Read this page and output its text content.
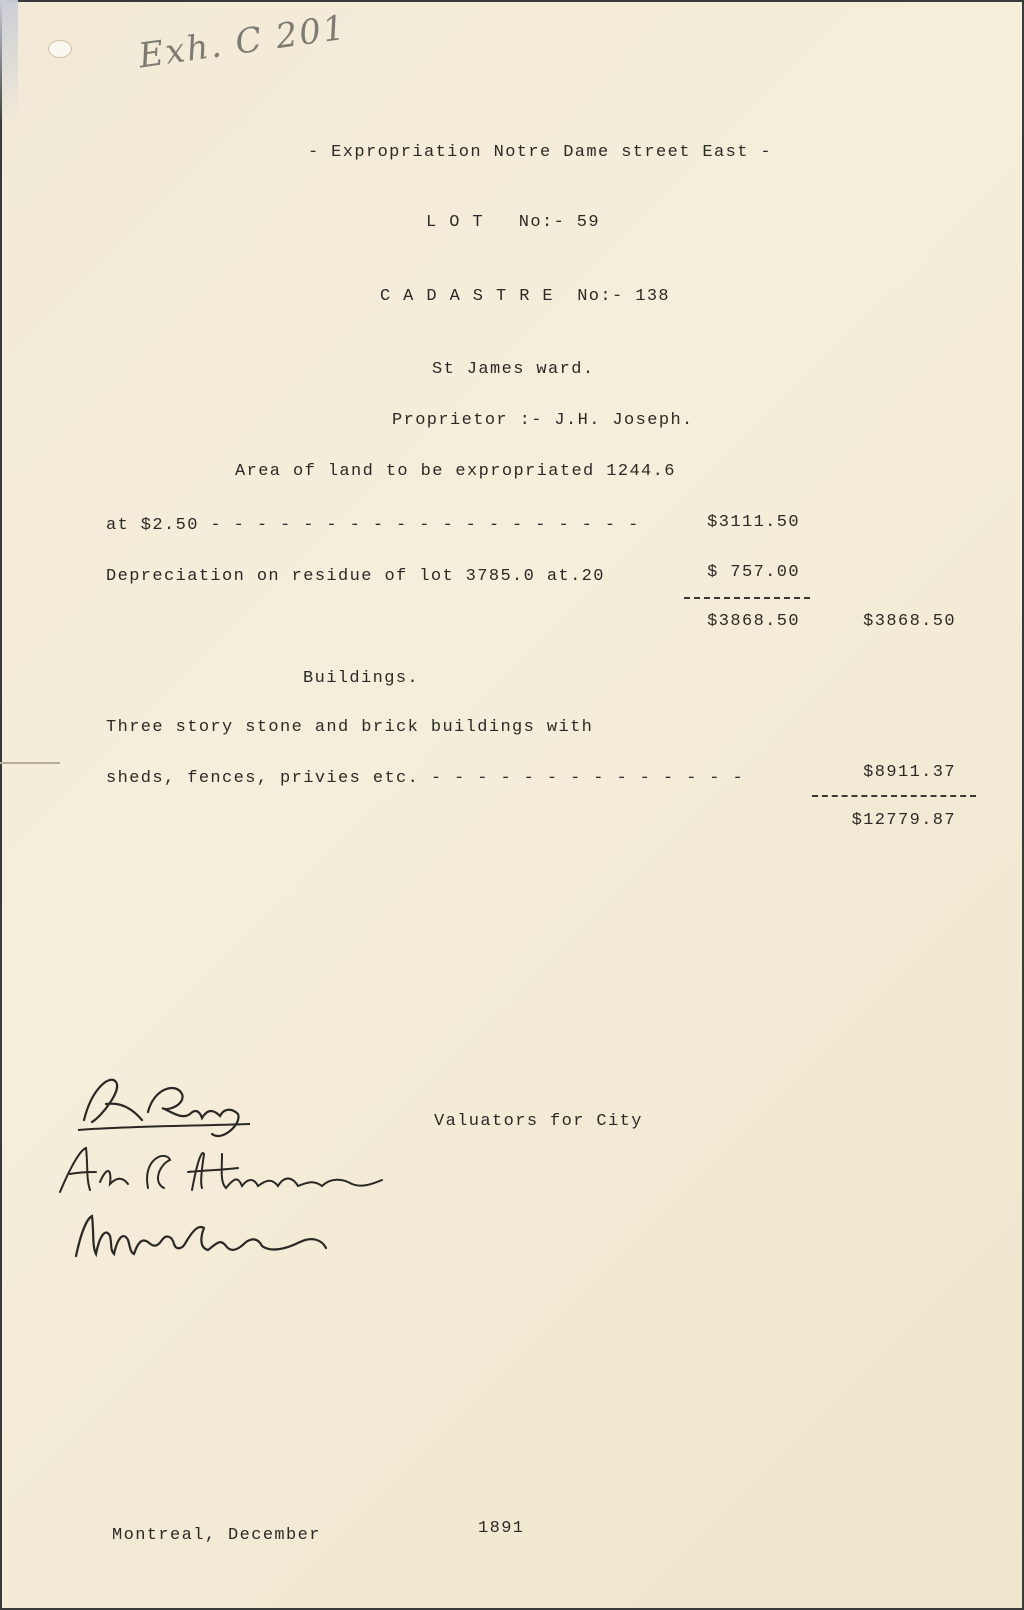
Exh. C 201
- Expropriation Notre Dame street East -
L O T   No:- 59
C A D A S T R E  No:- 138
St James ward.
Proprietor :- J.H. Joseph.
Area of land to be expropriated 1244.6
at $2.50 - - - - - - - - - - - - - - - - - - -	$3111.50
Depreciation on residue of lot 3785.0 at.20	$ 757.00
$3868.50	$3868.50
Buildings.
Three story stone and brick buildings with
sheds, fences, privies etc. - - - - - - - - - - - - - -	$8911.37
$12779.87
Valuators for City
Montreal, December	1891
